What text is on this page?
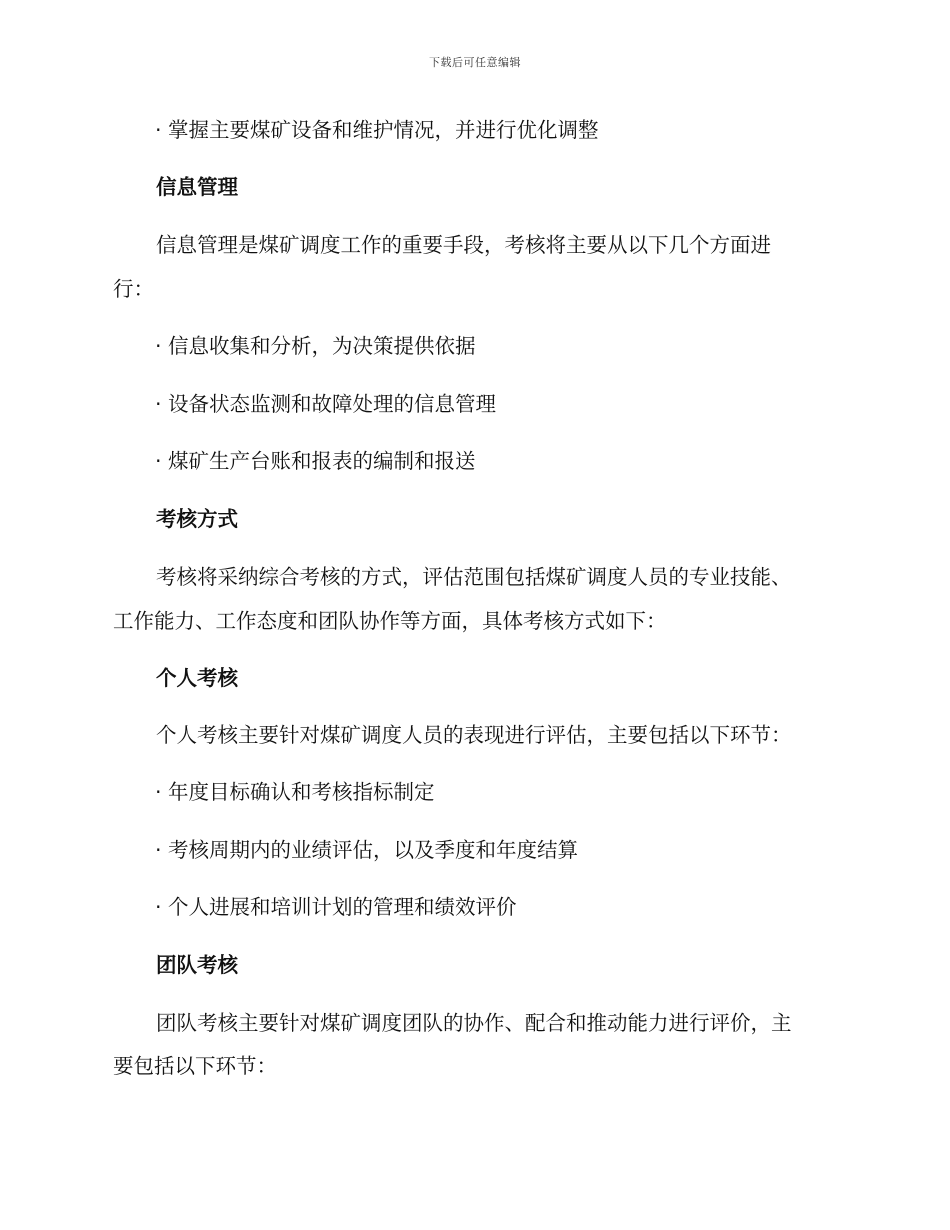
下载后可任意编辑
· 掌握主要煤矿设备和维护情况，并进行优化调整
信息管理
信息管理是煤矿调度工作的重要手段，考核将主要从以下几个方面进
行：
· 信息收集和分析，为决策提供依据
· 设备状态监测和故障处理的信息管理
· 煤矿生产台账和报表的编制和报送
考核方式
考核将采纳综合考核的方式，评估范围包括煤矿调度人员的专业技能、
工作能力、工作态度和团队协作等方面，具体考核方式如下：
个人考核
个人考核主要针对煤矿调度人员的表现进行评估，主要包括以下环节：
· 年度目标确认和考核指标制定
· 考核周期内的业绩评估，以及季度和年度结算
· 个人进展和培训计划的管理和绩效评价
团队考核
团队考核主要针对煤矿调度团队的协作、配合和推动能力进行评价，主
要包括以下环节：
